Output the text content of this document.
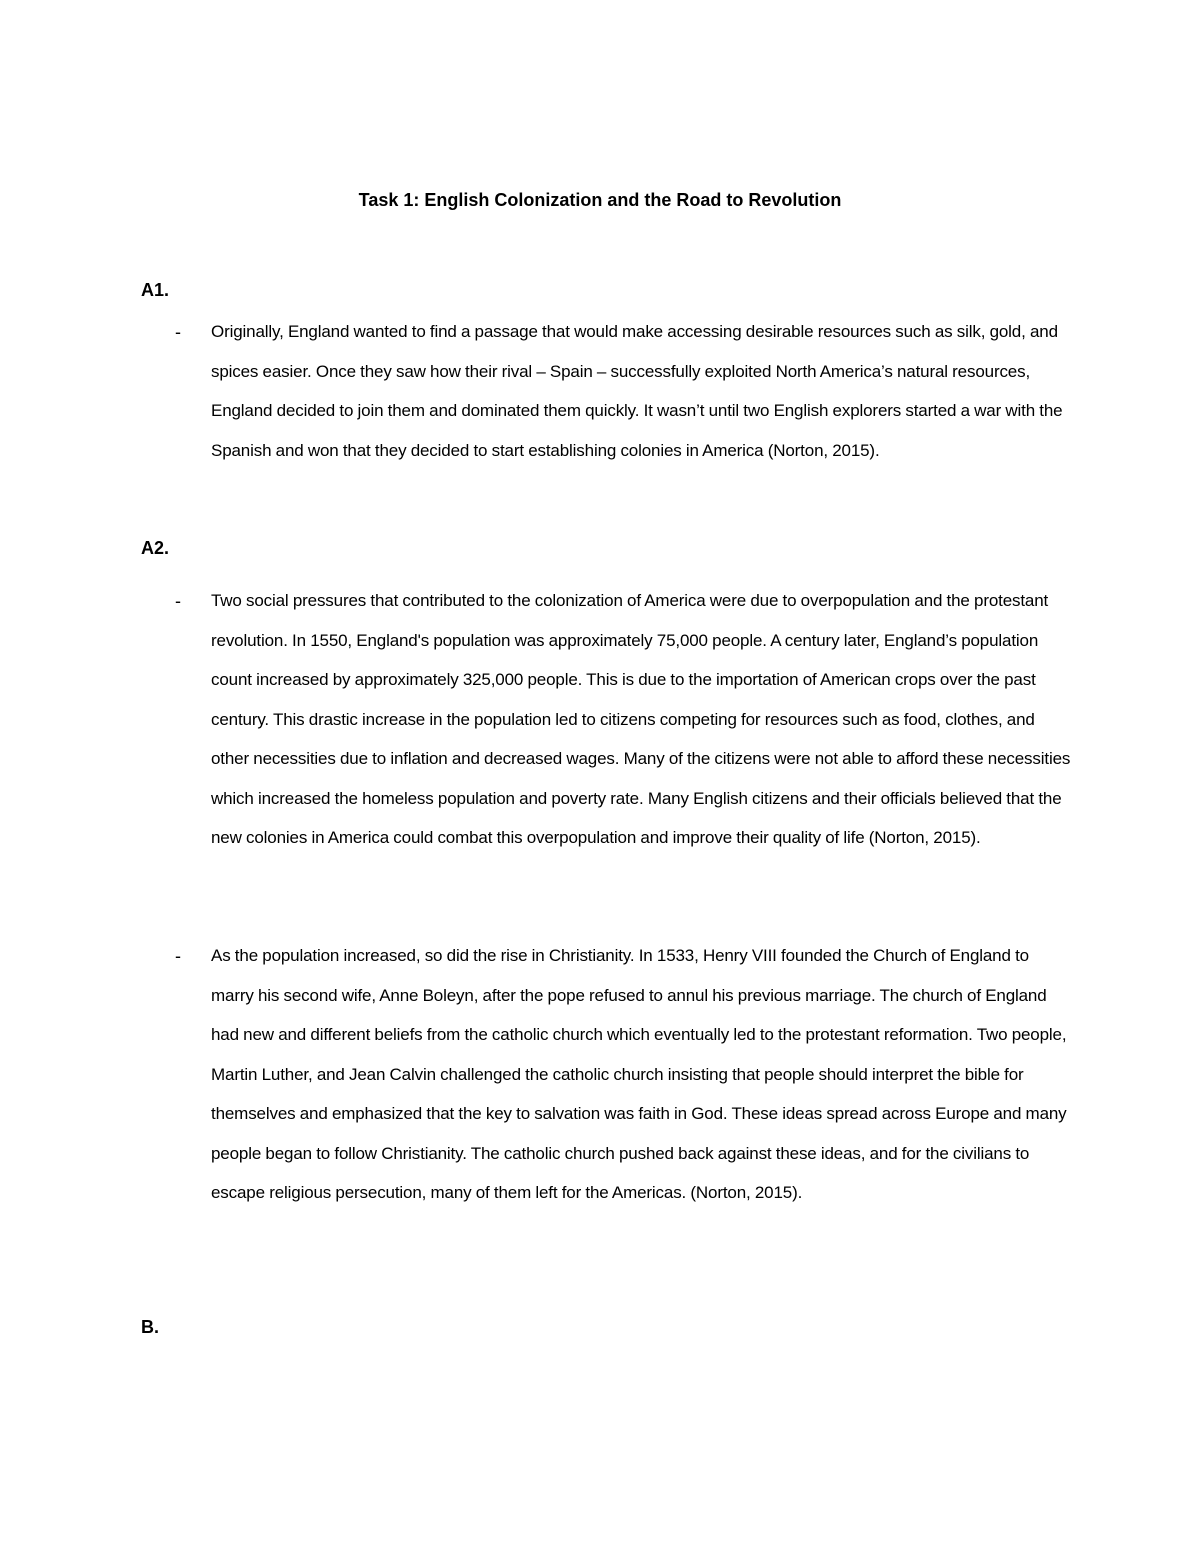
Task 1: English Colonization and the Road to Revolution
A1.
- Originally, England wanted to find a passage that would make accessing desirable resources such as silk, gold, and spices easier. Once they saw how their rival – Spain – successfully exploited North America’s natural resources, England decided to join them and dominated them quickly. It wasn’t until two English explorers started a war with the Spanish and won that they decided to start establishing colonies in America (Norton, 2015).

A2.
- Two social pressures that contributed to the colonization of America were due to overpopulation and the protestant revolution. In 1550, England's population was approximately 75,000 people. A century later, England’s population count increased by approximately 325,000 people. This is due to the importation of American crops over the past century. This drastic increase in the population led to citizens competing for resources such as food, clothes, and other necessities due to inflation and decreased wages. Many of the citizens were not able to afford these necessities which increased the homeless population and poverty rate. Many English citizens and their officials believed that the new colonies in America could combat this overpopulation and improve their quality of life (Norton, 2015).

- As the population increased, so did the rise in Christianity. In 1533, Henry VIII founded the Church of England to marry his second wife, Anne Boleyn, after the pope refused to annul his previous marriage. The church of England had new and different beliefs from the catholic church which eventually led to the protestant reformation. Two people, Martin Luther, and Jean Calvin challenged the catholic church insisting that people should interpret the bible for themselves and emphasized that the key to salvation was faith in God. These ideas spread across Europe and many people began to follow Christianity. The catholic church pushed back against these ideas, and for the civilians to escape religious persecution, many of them left for the Americas. (Norton, 2015).

B.
